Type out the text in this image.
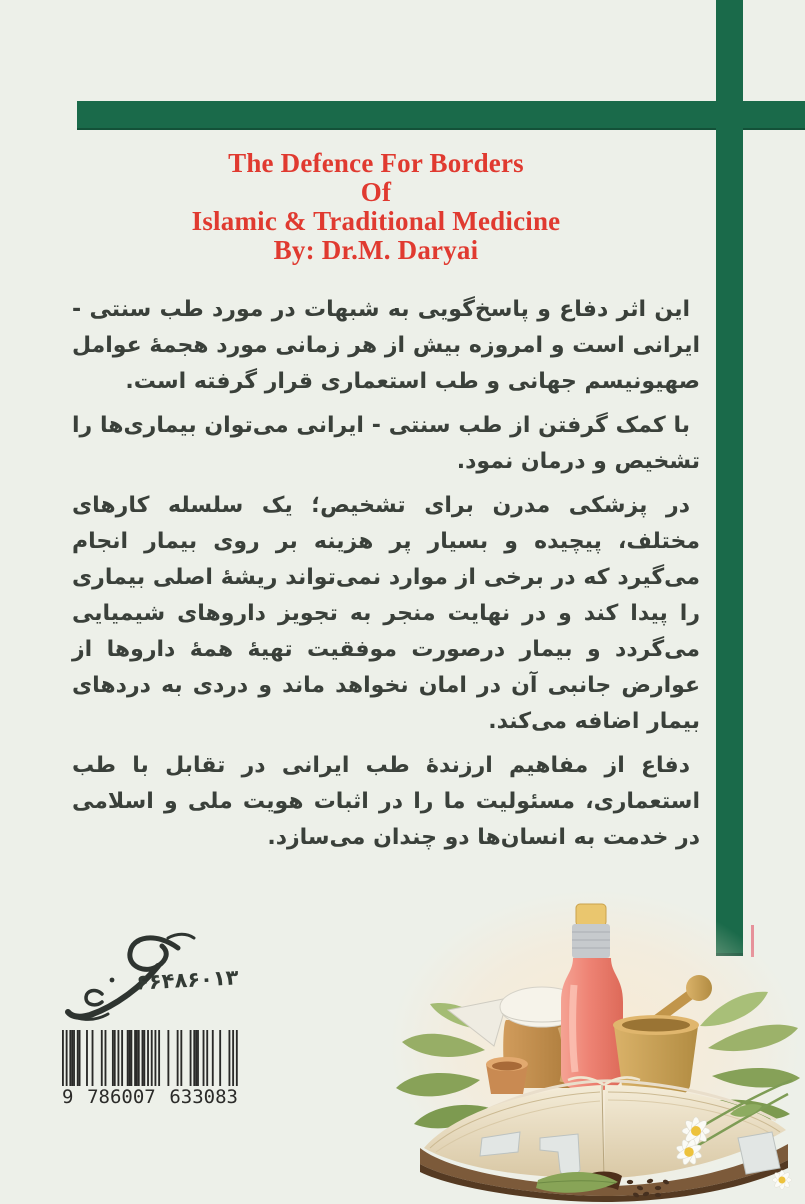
The Defence For Borders
Of
Islamic & Traditional Medicine
By: Dr.M. Daryai

این اثر دفاع و پاسخ‌گویی به شبهات در مورد طب سنتی - ایرانی است و امروزه بیش از هر زمانی مورد هجمهٔ عوامل صهیونیسم جهانی و طب استعماری قرار گرفته است.

با کمک گرفتن از طب سنتی - ایرانی می‌توان بیماری‌ها را تشخیص و درمان نمود.

در پزشکی مدرن برای تشخیص؛ یک سلسله کارهای مختلف، پیچیده و بسیار پر هزینه بر روی بیمار انجام می‌گیرد که در برخی از موارد نمی‌تواند ریشهٔ اصلی بیماری را پیدا کند و در نهایت منجر به تجویز داروهای شیمیایی می‌گردد و بیمار درصورت موفقیت تهیهٔ همهٔ داروها از عوارض جانبی آن در امان نخواهد ماند و دردی به دردهای بیمار اضافه می‌کند.

دفاع از مفاهیم ارزندهٔ طب ایرانی در تقابل با طب استعماری، مسئولیت ما را در اثبات هویت ملی و اسلامی در خدمت به انسان‌ها دو چندان می‌سازد.

۶۶۴۸۶۰۱۳
9 786007 633083
